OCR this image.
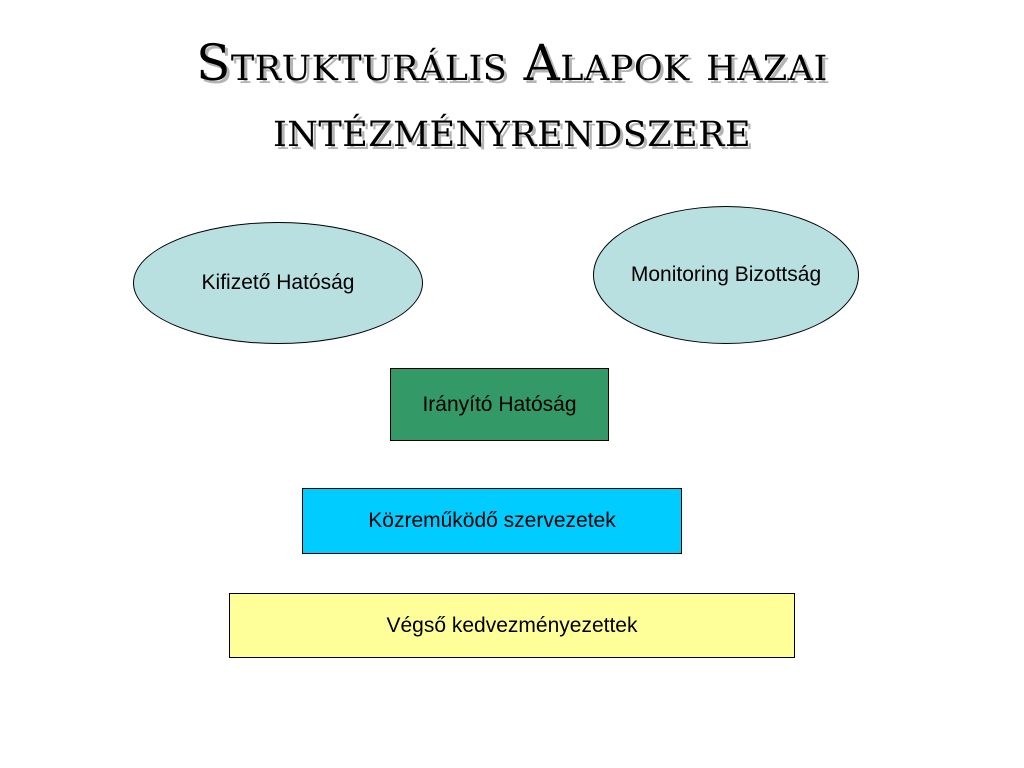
Strukturális Alapok hazai
intézményrendszere
Kifizető Hatóság	Monitoring Bizottság
Irányító Hatóság
Közreműködő szervezetek
Végső kedvezményezettek
